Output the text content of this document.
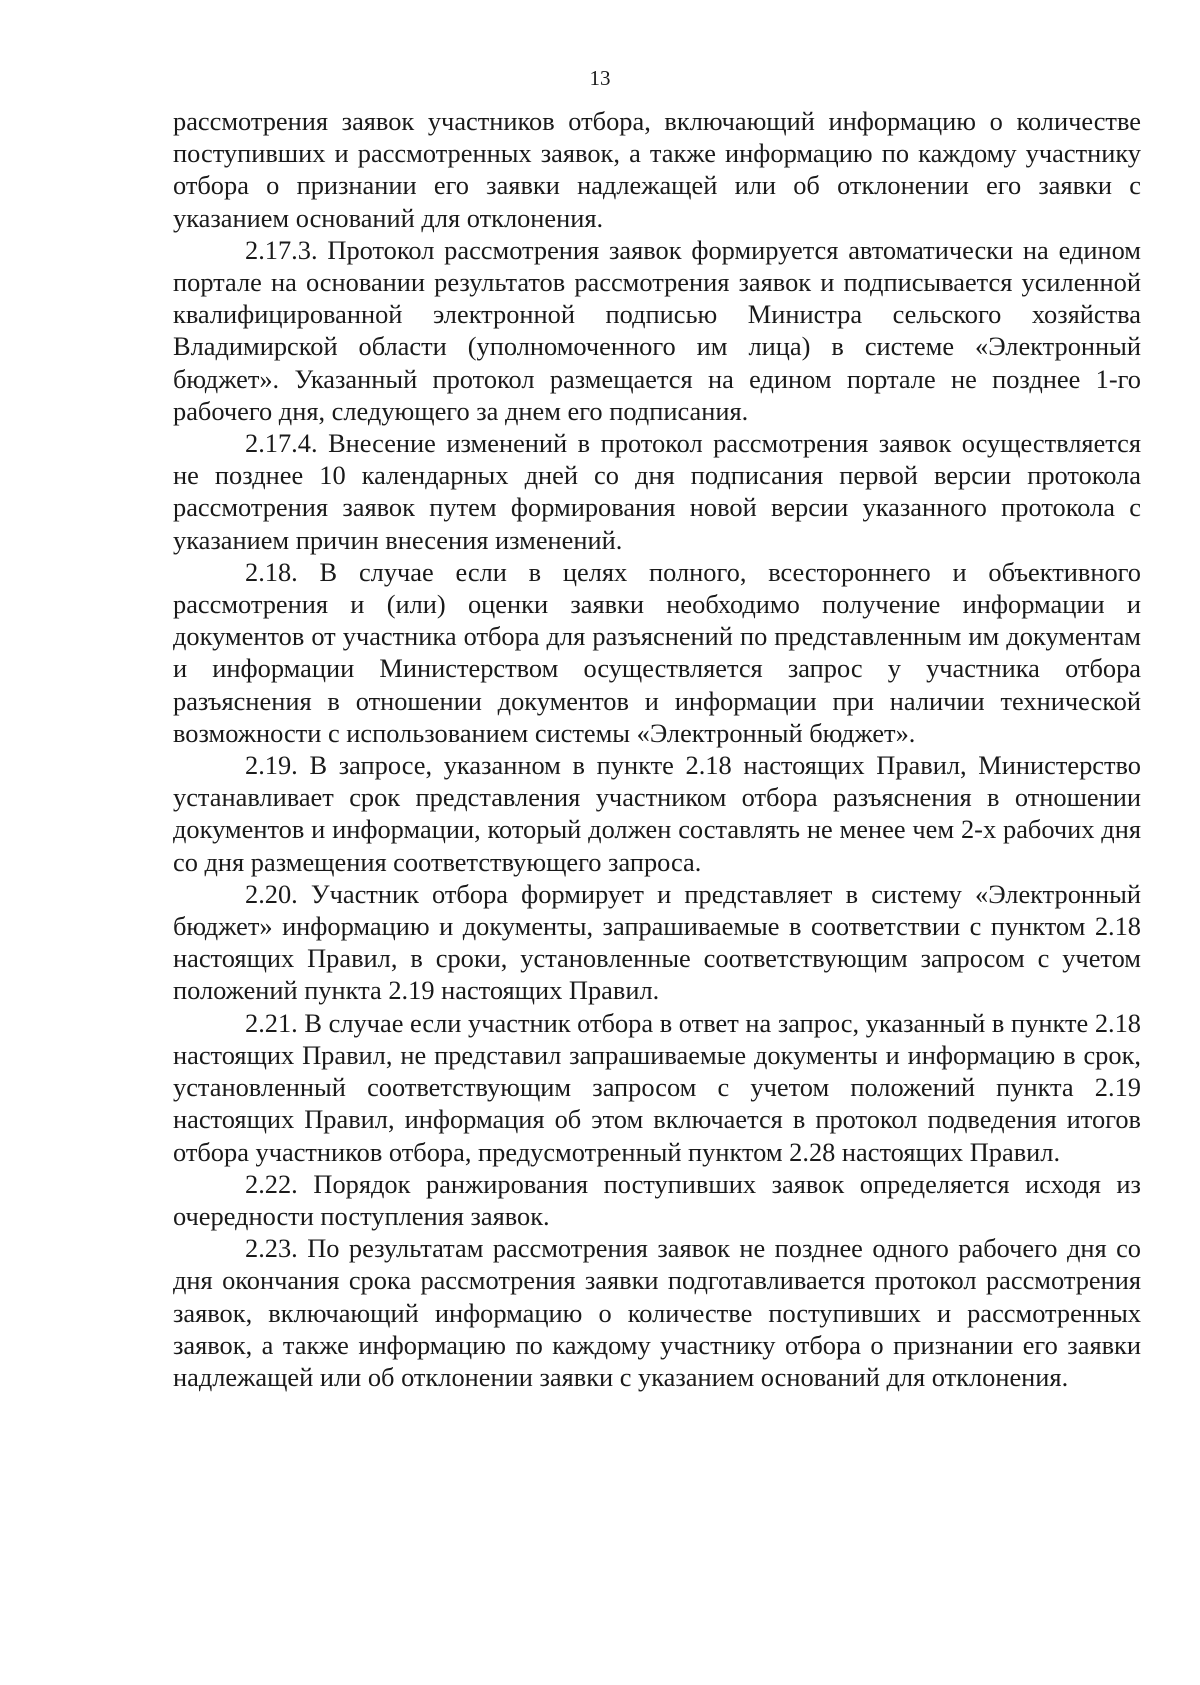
13

рассмотрения заявок участников отбора, включающий информацию о количестве поступивших и рассмотренных заявок, а также информацию по каждому участнику отбора о признании его заявки надлежащей или об отклонении его заявки с указанием оснований для отклонения.

2.17.3. Протокол рассмотрения заявок формируется автоматически на едином портале на основании результатов рассмотрения заявок и подписывается усиленной квалифицированной электронной подписью Министра сельского хозяйства Владимирской области (уполномоченного им лица) в системе «Электронный бюджет». Указанный протокол размещается на едином портале не позднее 1-го рабочего дня, следующего за днем его подписания.

2.17.4. Внесение изменений в протокол рассмотрения заявок осуществляется не позднее 10 календарных дней со дня подписания первой версии протокола рассмотрения заявок путем формирования новой версии указанного протокола с указанием причин внесения изменений.

2.18. В случае если в целях полного, всестороннего и объективного рассмотрения и (или) оценки заявки необходимо получение информации и документов от участника отбора для разъяснений по представленным им документам и информации Министерством осуществляется запрос у участника отбора разъяснения в отношении документов и информации при наличии технической возможности с использованием системы «Электронный бюджет».

2.19. В запросе, указанном в пункте 2.18 настоящих Правил, Министерство устанавливает срок представления участником отбора разъяснения в отношении документов и информации, который должен составлять не менее чем 2-х рабочих дня со дня размещения соответствующего запроса.

2.20. Участник отбора формирует и представляет в систему «Электронный бюджет» информацию и документы, запрашиваемые в соответствии с пунктом 2.18 настоящих Правил, в сроки, установленные соответствующим запросом с учетом положений пункта 2.19 настоящих Правил.

2.21. В случае если участник отбора в ответ на запрос, указанный в пункте 2.18 настоящих Правил, не представил запрашиваемые документы и информацию в срок, установленный соответствующим запросом с учетом положений пункта 2.19 настоящих Правил, информация об этом включается в протокол подведения итогов отбора участников отбора, предусмотренный пунктом 2.28 настоящих Правил.

2.22. Порядок ранжирования поступивших заявок определяется исходя из очередности поступления заявок.

2.23. По результатам рассмотрения заявок не позднее одного рабочего дня со дня окончания срока рассмотрения заявки подготавливается протокол рассмотрения заявок, включающий информацию о количестве поступивших и рассмотренных заявок, а также информацию по каждому участнику отбора о признании его заявки надлежащей или об отклонении заявки с указанием оснований для отклонения.
